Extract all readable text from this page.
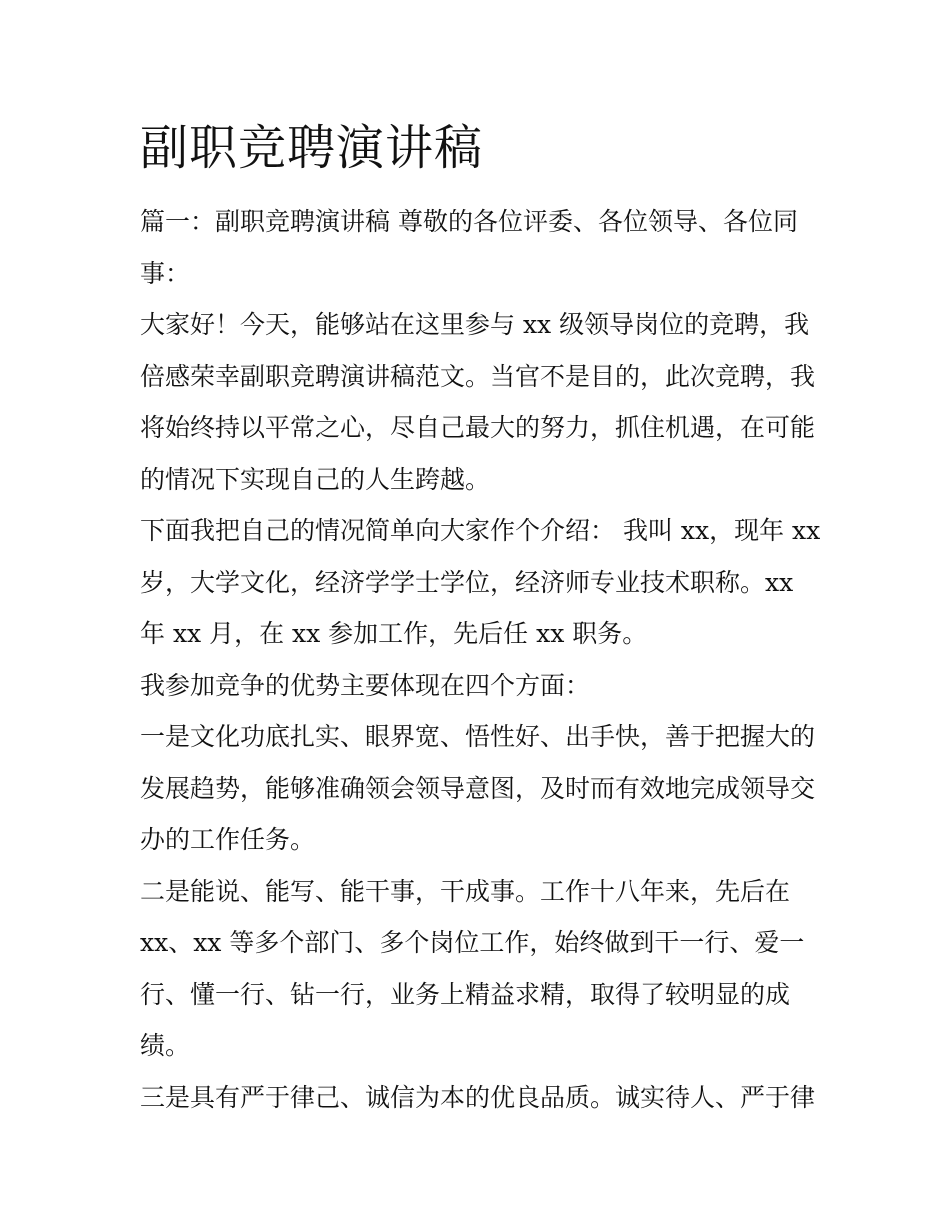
副职竞聘演讲稿

篇一：副职竞聘演讲稿 尊敬的各位评委、各位领导、各位同
事：

大家好！今天，能够站在这里参与 xx 级领导岗位的竞聘，我
倍感荣幸副职竞聘演讲稿范文。当官不是目的，此次竞聘，我
将始终持以平常之心，尽自己最大的努力，抓住机遇，在可能
的情况下实现自己的人生跨越。

下面我把自己的情况简单向大家作个介绍： 我叫 xx，现年 xx
岁，大学文化，经济学学士学位，经济师专业技术职称。xx
年 xx 月，在 xx 参加工作，先后任 xx 职务。

我参加竞争的优势主要体现在四个方面：

一是文化功底扎实、眼界宽、悟性好、出手快，善于把握大的
发展趋势，能够准确领会领导意图，及时而有效地完成领导交
办的工作任务。

二是能说、能写、能干事，干成事。工作十八年来，先后在
xx、xx 等多个部门、多个岗位工作，始终做到干一行、爱一
行、懂一行、钻一行，业务上精益求精，取得了较明显的成
绩。

三是具有严于律己、诚信为本的优良品质。诚实待人、严于律
